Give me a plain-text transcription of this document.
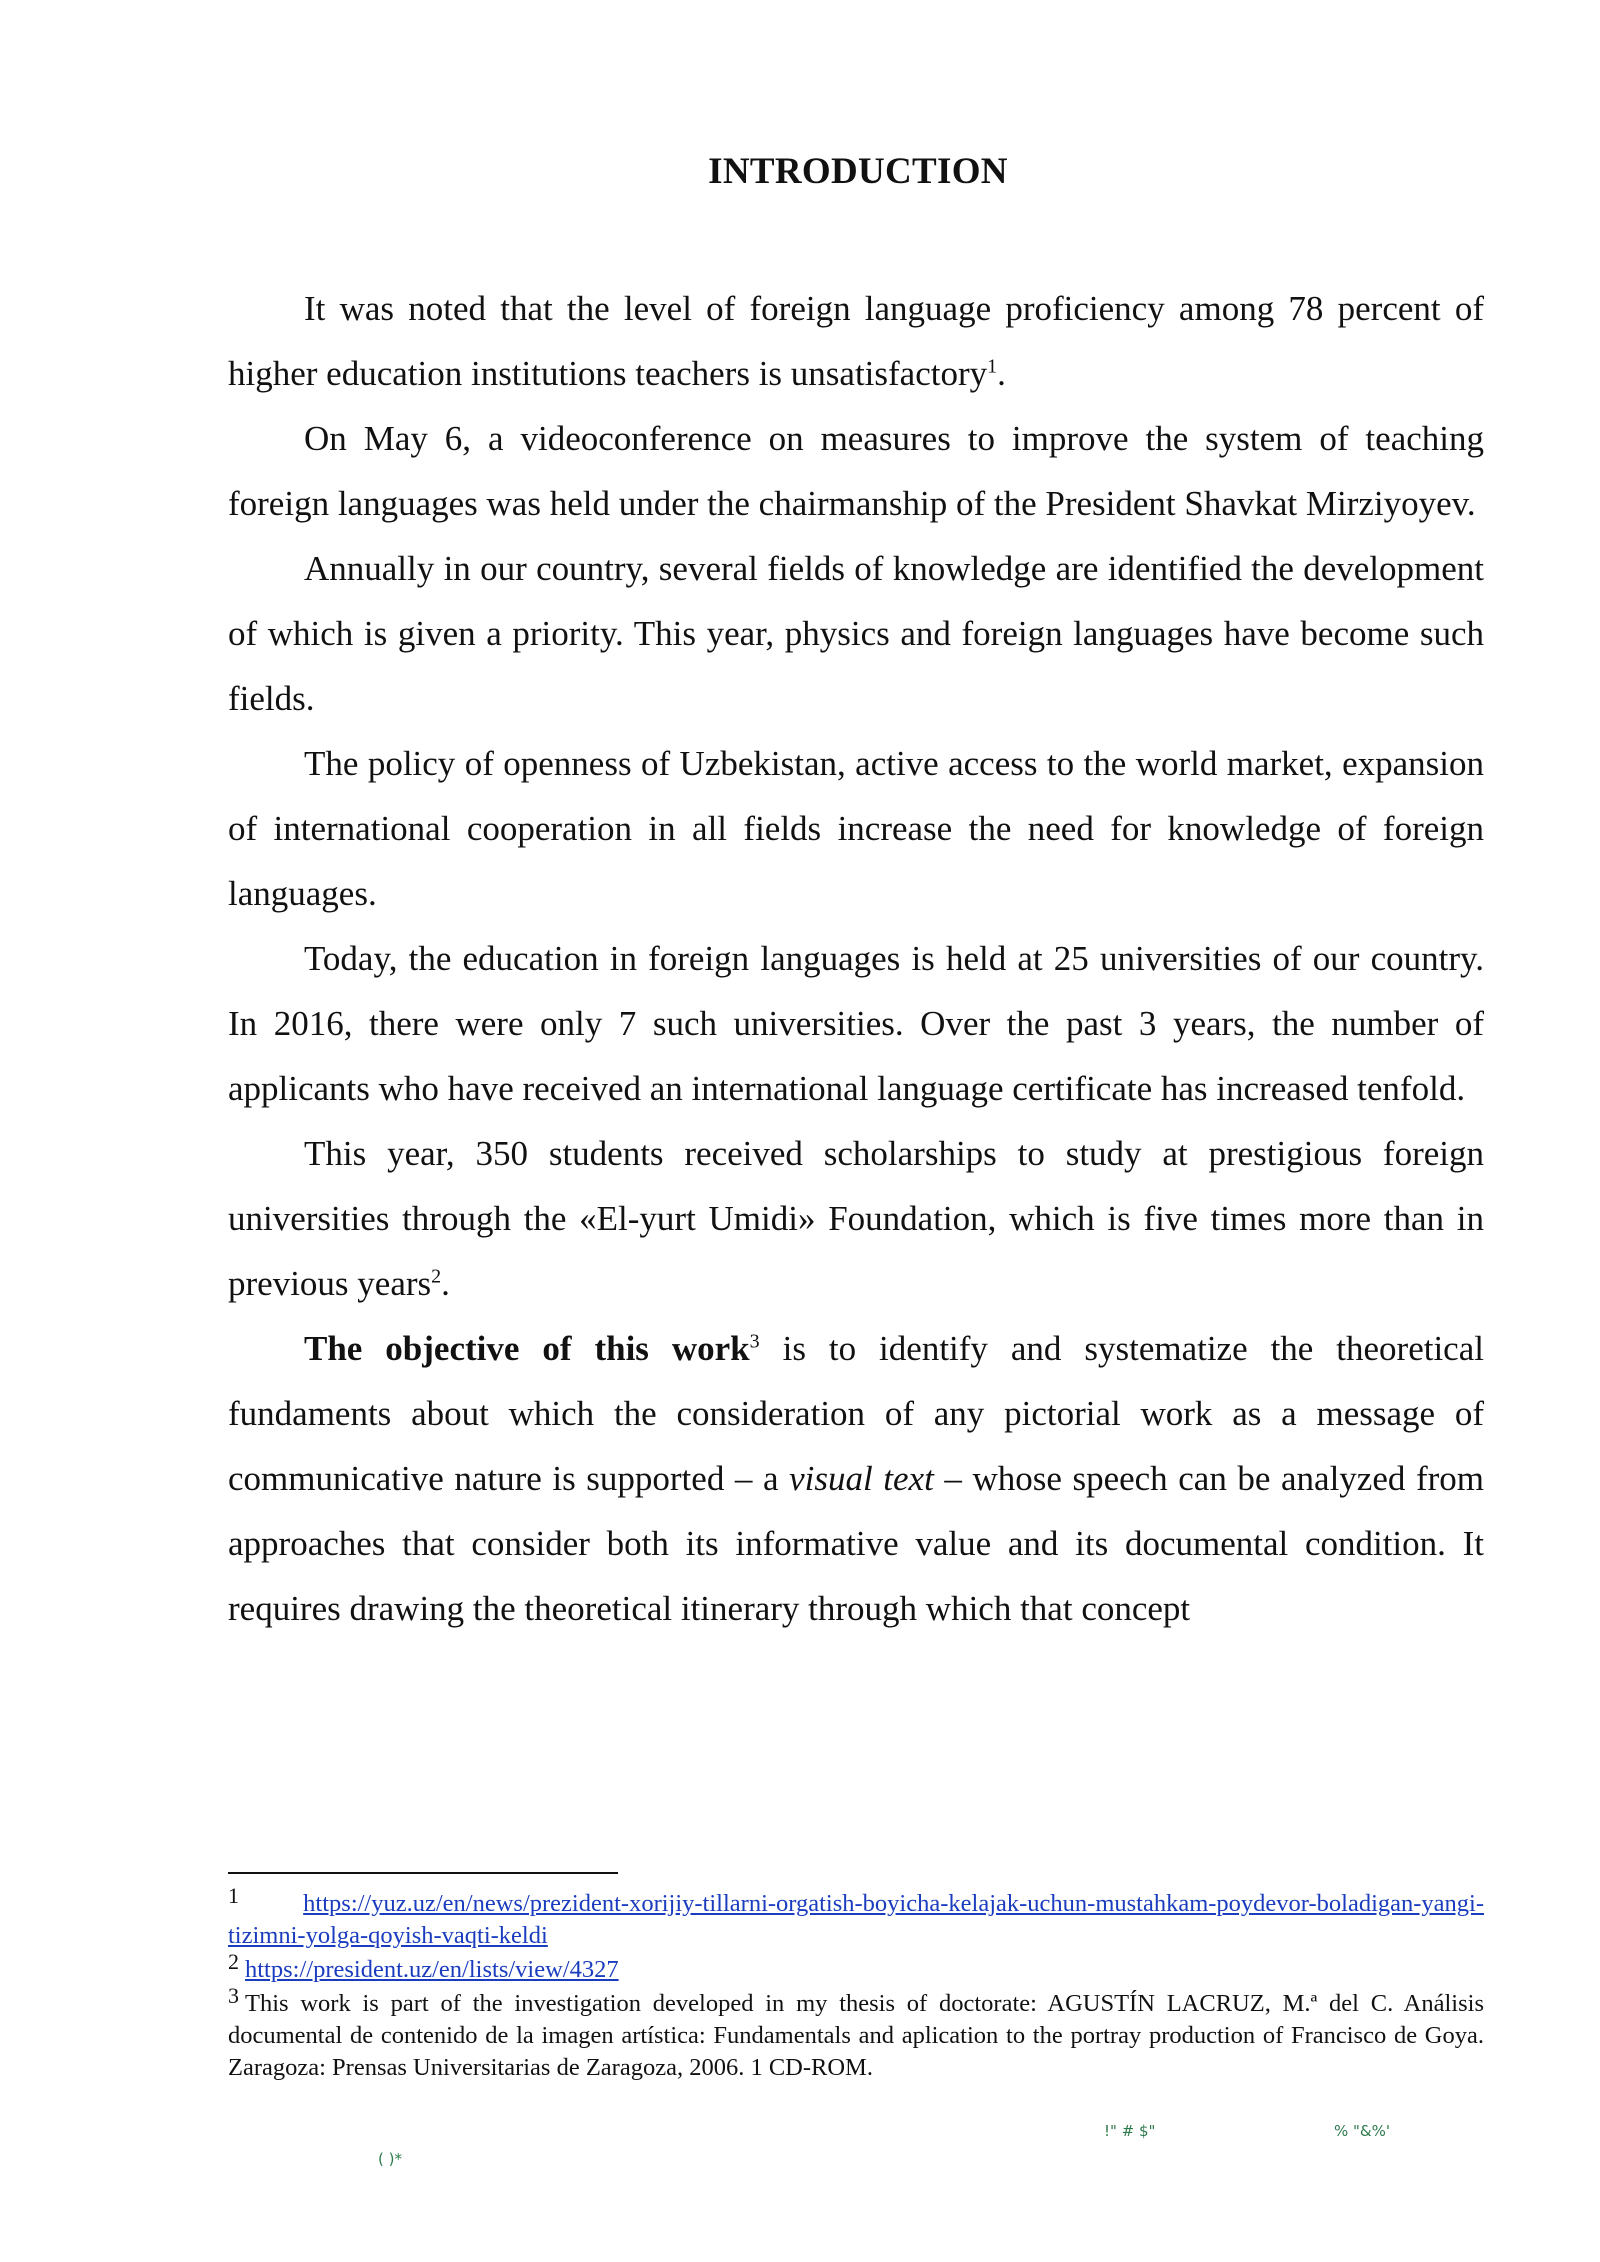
INTRODUCTION

It was noted that the level of foreign language proficiency among 78 percent of higher education institutions teachers is unsatisfactory$^1$.

On May 6, a videoconference on measures to improve the system of teaching foreign languages was held under the chairmanship of the President Shavkat Mirziyoyev.

Annually in our country, several fields of knowledge are identified the development of which is given a priority. This year, physics and foreign languages have become such fields.

The policy of openness of Uzbekistan, active access to the world market, expansion of international cooperation in all fields increase the need for knowledge of foreign languages.

Today, the education in foreign languages is held at 25 universities of our country. In 2016, there were only 7 such universities. Over the past 3 years, the number of applicants who have received an international language certificate has increased tenfold.

This year, 350 students received scholarships to study at prestigious foreign universities through the «El-yurt Umidi» Foundation, which is five times more than in previous years$^2$.

The objective of this work$^3$ is to identify and systematize the theoretical fundaments about which the consideration of any pictorial work as a message of communicative nature is supported – a visual text – whose speech can be analyzed from approaches that consider both its informative value and its documental condition. It requires drawing the theoretical itinerary through which that concept

1	https://yuz.uz/en/news/prezident-xorijiy-tillarni-orgatish-boyicha-kelajak-uchun-mustahkam-poydevor-boladigan-yangi-tizimni-yolga-qoyish-vaqti-keldi

2 https://president.uz/en/lists/view/4327

3 This work is part of the investigation developed in my thesis of doctorate: AGUSTÍN LACRUZ, M.ª del C. Análisis documental de contenido de la imagen artística: Fundamentals and aplication to the portray production of Francisco de Goya. Zaragoza: Prensas Universitarias de Zaragoza, 2006. 1 CD-ROM.

!" # $"	% "&%'
( )*
